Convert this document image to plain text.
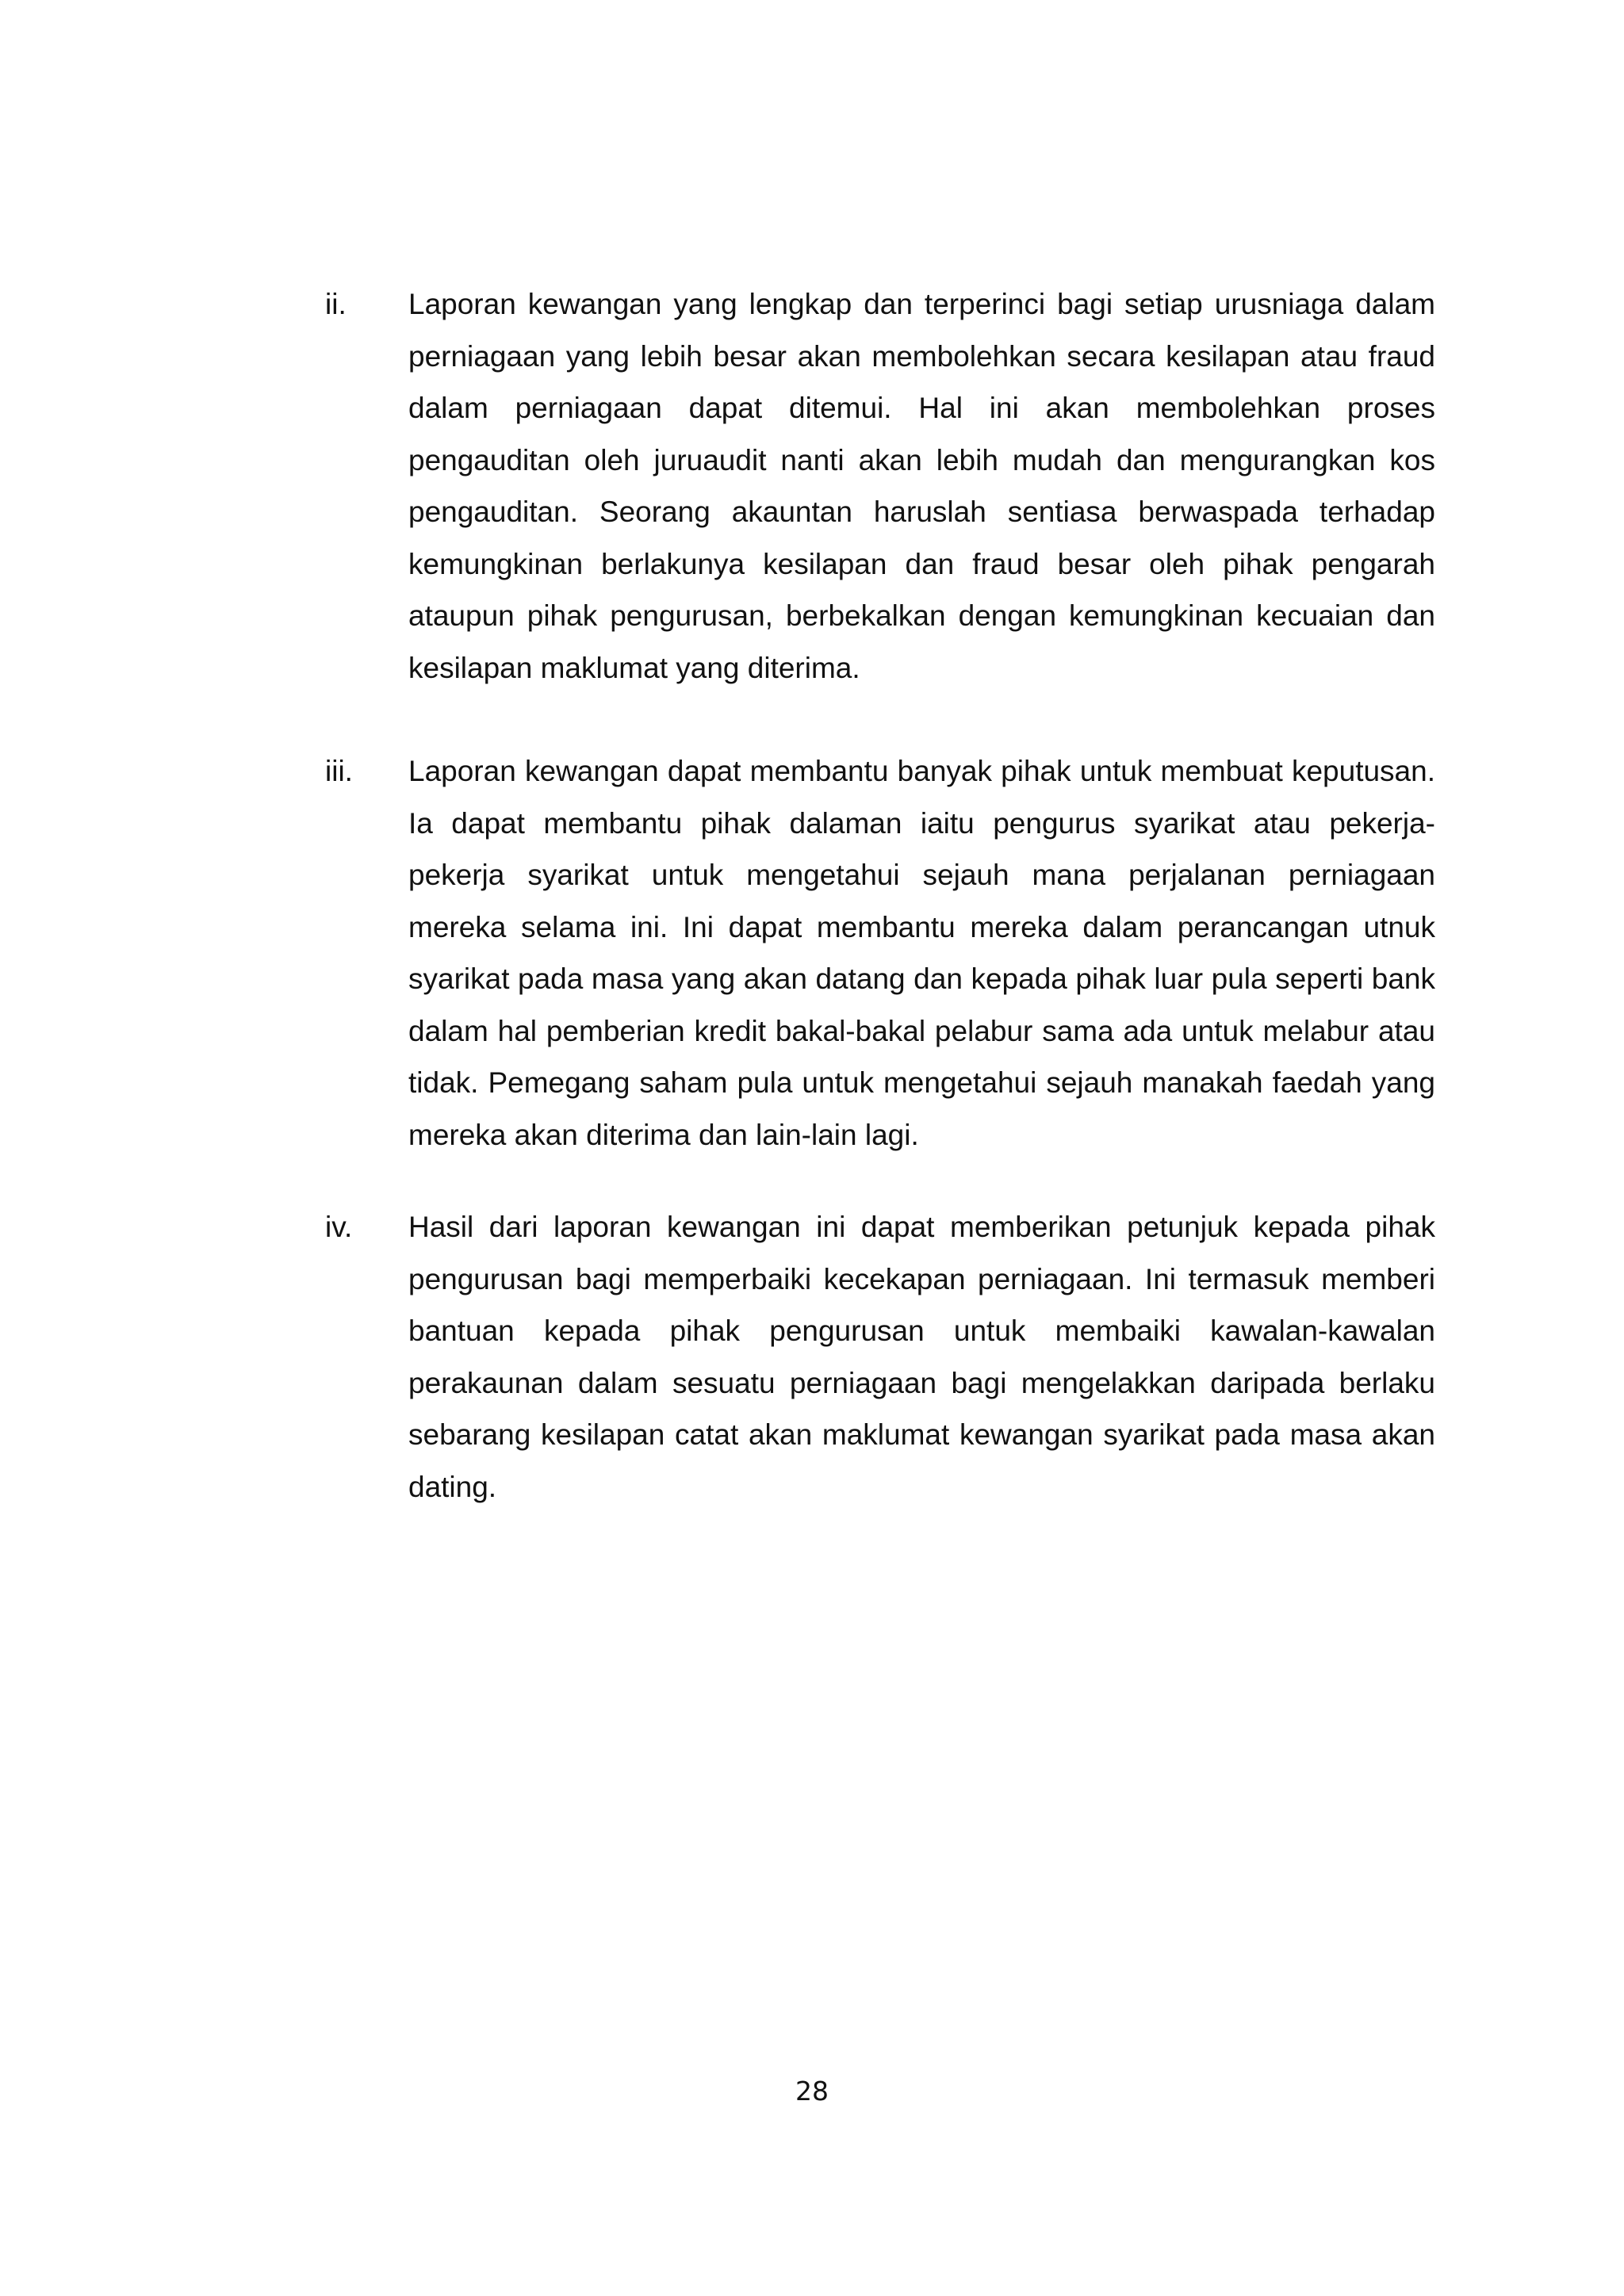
ii.	Laporan kewangan yang lengkap dan terperinci bagi setiap urusniaga dalam perniagaan yang lebih besar akan membolehkan secara kesilapan atau fraud dalam perniagaan dapat ditemui. Hal ini akan membolehkan proses pengauditan oleh juruaudit nanti akan lebih mudah dan mengurangkan kos pengauditan. Seorang akauntan haruslah sentiasa berwaspada terhadap kemungkinan berlakunya kesilapan dan fraud besar oleh pihak pengarah ataupun pihak pengurusan, berbekalkan dengan kemungkinan kecuaian dan kesilapan maklumat yang diterima.

iii.	Laporan kewangan dapat membantu banyak pihak untuk membuat keputusan. Ia dapat membantu pihak dalaman iaitu pengurus syarikat atau pekerja-pekerja syarikat untuk mengetahui sejauh mana perjalanan perniagaan mereka selama ini. Ini dapat membantu mereka dalam perancangan utnuk syarikat pada masa yang akan datang dan kepada pihak luar pula seperti bank dalam hal pemberian kredit bakal-bakal pelabur sama ada untuk melabur atau tidak. Pemegang saham pula untuk mengetahui sejauh manakah faedah yang mereka akan diterima dan lain-lain lagi.

iv.	Hasil dari laporan kewangan ini dapat memberikan petunjuk kepada pihak pengurusan bagi memperbaiki kecekapan perniagaan. Ini termasuk memberi bantuan kepada pihak pengurusan untuk membaiki kawalan-kawalan perakaunan dalam sesuatu perniagaan bagi mengelakkan daripada berlaku sebarang kesilapan catat akan maklumat kewangan syarikat pada masa akan dating.

28
